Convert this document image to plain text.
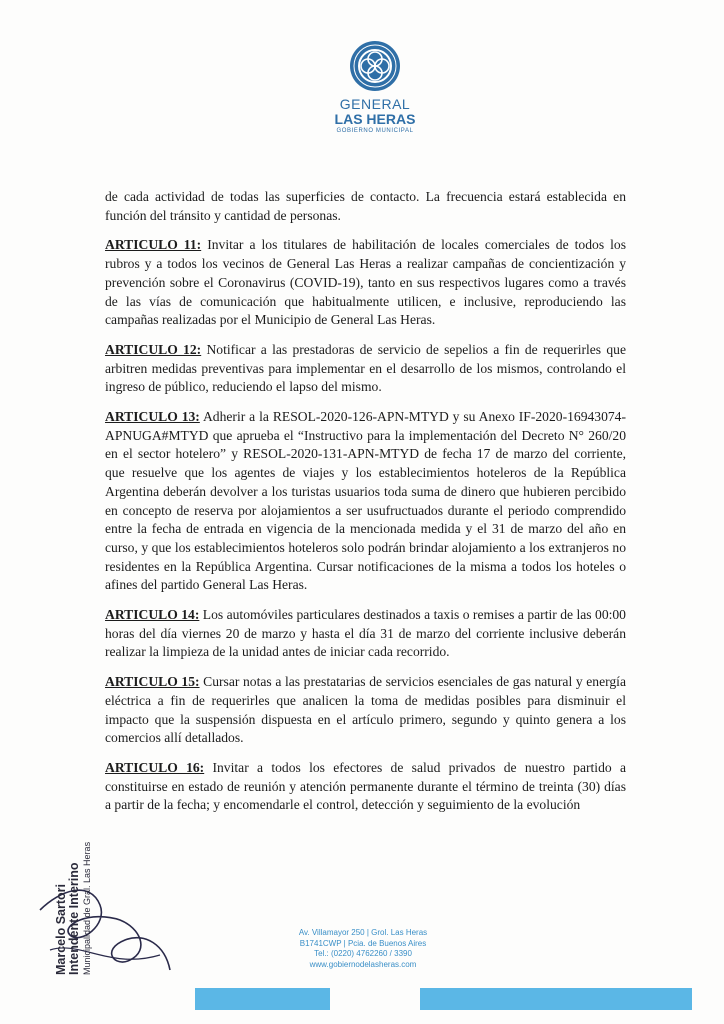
GENERAL
LAS HERAS
GOBIERNO MUNICIPAL

de cada actividad de todas las superficies de contacto. La frecuencia estará establecida en función del tránsito y cantidad de personas.

ARTICULO 11: Invitar a los titulares de habilitación de locales comerciales de todos los rubros y a todos los vecinos de General Las Heras a realizar campañas de concientización y prevención sobre el Coronavirus (COVID-19), tanto en sus respectivos lugares como a través de las vías de comunicación que habitualmente utilicen, e inclusive, reproduciendo las campañas realizadas por el Municipio de General Las Heras.

ARTICULO 12: Notificar a las prestadoras de servicio de sepelios a fin de requerirles que arbitren medidas preventivas para implementar en el desarrollo de los mismos, controlando el ingreso de público, reduciendo el lapso del mismo.

ARTICULO 13: Adherir a la RESOL-2020-126-APN-MTYD y su Anexo IF-2020-16943074-APNUGA#MTYD que aprueba el “Instructivo para la implementación del Decreto N° 260/20 en el sector hotelero” y RESOL-2020-131-APN-MTYD de fecha 17 de marzo del corriente, que resuelve que los agentes de viajes y los establecimientos hoteleros de la República Argentina deberán devolver a los turistas usuarios toda suma de dinero que hubieren percibido en concepto de reserva por alojamientos a ser usufructuados durante el periodo comprendido entre la fecha de entrada en vigencia de la mencionada medida y el 31 de marzo del año en curso, y que los establecimientos hoteleros solo podrán brindar alojamiento a los extranjeros no residentes en la República Argentina. Cursar notificaciones de la misma a todos los hoteles o afines del partido General Las Heras.

ARTICULO 14: Los automóviles particulares destinados a taxis o remises a partir de las 00:00 horas del día viernes 20 de marzo y hasta el día 31 de marzo del corriente inclusive deberán realizar la limpieza de la unidad antes de iniciar cada recorrido.

ARTICULO 15: Cursar notas a las prestatarias de servicios esenciales de gas natural y energía eléctrica a fin de requerirles que analicen la toma de medidas posibles para disminuir el impacto que la suspensión dispuesta en el artículo primero, segundo y quinto genera a los comercios allí detallados.

ARTICULO 16: Invitar a todos los efectores de salud privados de nuestro partido a constituirse en estado de reunión y atención permanente durante el término de treinta (30) días a partir de la fecha; y encomendarle el control, detección y seguimiento de la evolución

Marcelo Sartori Intendente Interino Municipalidad de Gral. Las Heras	Av. Villamayor 250 | Grol. Las Heras
B1741CWP | Pcia. de Buenos Aires
Tel.: (0220) 4762260 / 3390
www.gobiernodelasheras.com
